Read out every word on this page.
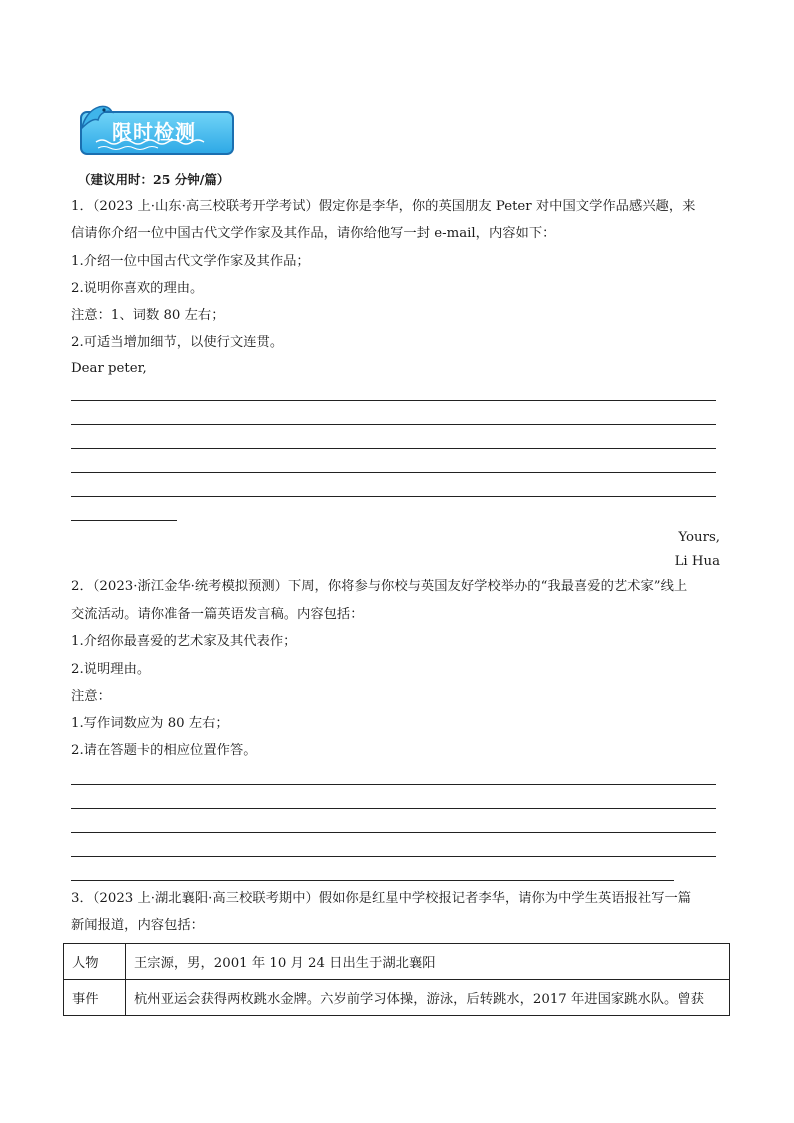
限时检测
（建议用时：25 分钟/篇）
1．（2023 上·山东·高三校联考开学考试）假定你是李华，你的英国朋友 Peter 对中国文学作品感兴趣，来
信请你介绍一位中国古代文学作家及其作品，请你给他写一封 e-mail，内容如下：
1.介绍一位中国古代文学作家及其作品；
2.说明你喜欢的理由。
注意：1、词数 80 左右；
2.可适当增加细节，以使行文连贯。
Dear peter,
Yours,
Li Hua
2．（2023·浙江金华·统考模拟预测）下周，你将参与你校与英国友好学校举办的“我最喜爱的艺术家”线上
交流活动。请你准备一篇英语发言稿。内容包括：
1.介绍你最喜爱的艺术家及其代表作；
2.说明理由。
注意：
1.写作词数应为 80 左右；
2.请在答题卡的相应位置作答。
3．（2023 上·湖北襄阳·高三校联考期中）假如你是红星中学校报记者李华，请你为中学生英语报社写一篇
新闻报道，内容包括：
人物	王宗源，男，2001 年 10 月 24 日出生于湖北襄阳
事件	杭州亚运会获得两枚跳水金牌。六岁前学习体操，游泳，后转跳水，2017 年进国家跳水队。曾获
